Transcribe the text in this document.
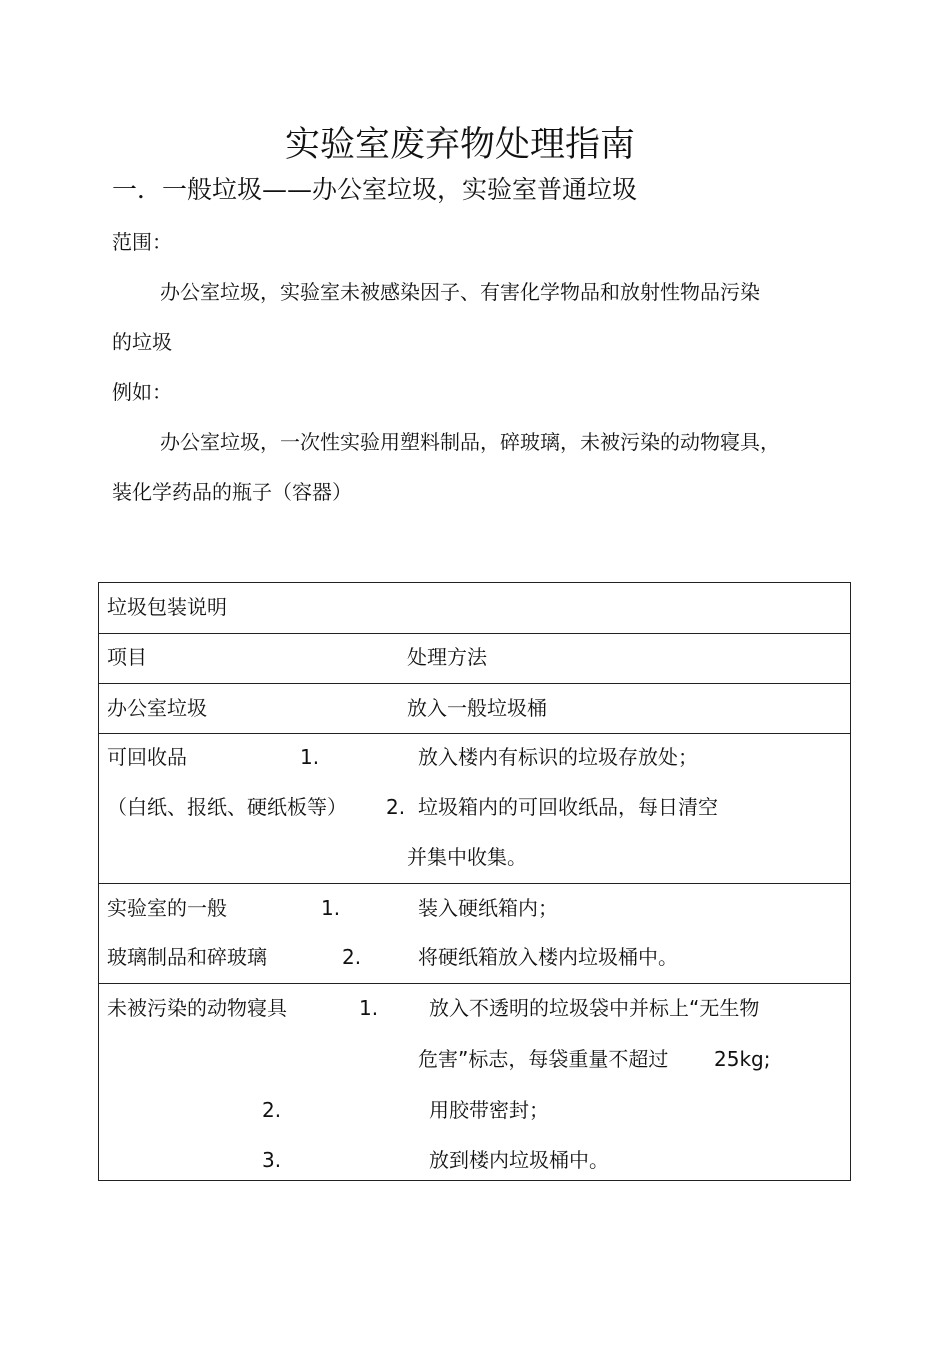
实验室废弃物处理指南
一．一般垃圾——办公室垃圾，实验室普通垃圾
范围：
办公室垃圾，实验室未被感染因子、有害化学物品和放射性物品污染
的垃圾
例如：
办公室垃圾，一次性实验用塑料制品，碎玻璃，未被污染的动物寝具，
装化学药品的瓶子（容器）
垃圾包装说明
项目	处理方法
办公室垃圾	放入一般垃圾桶
可回收品	1.	放入楼内有标识的垃圾存放处；
（白纸、报纸、硬纸板等） 2. 垃圾箱内的可回收纸品，每日清空
并集中收集。
实验室的一般	1.	装入硬纸箱内；
玻璃制品和碎玻璃	2.	将硬纸箱放入楼内垃圾桶中。
未被污染的动物寝具	1.	放入不透明的垃圾袋中并标上“无生物
危害”标志，每袋重量不超过 25kg;
2.	用胶带密封；
3.	放到楼内垃圾桶中。
